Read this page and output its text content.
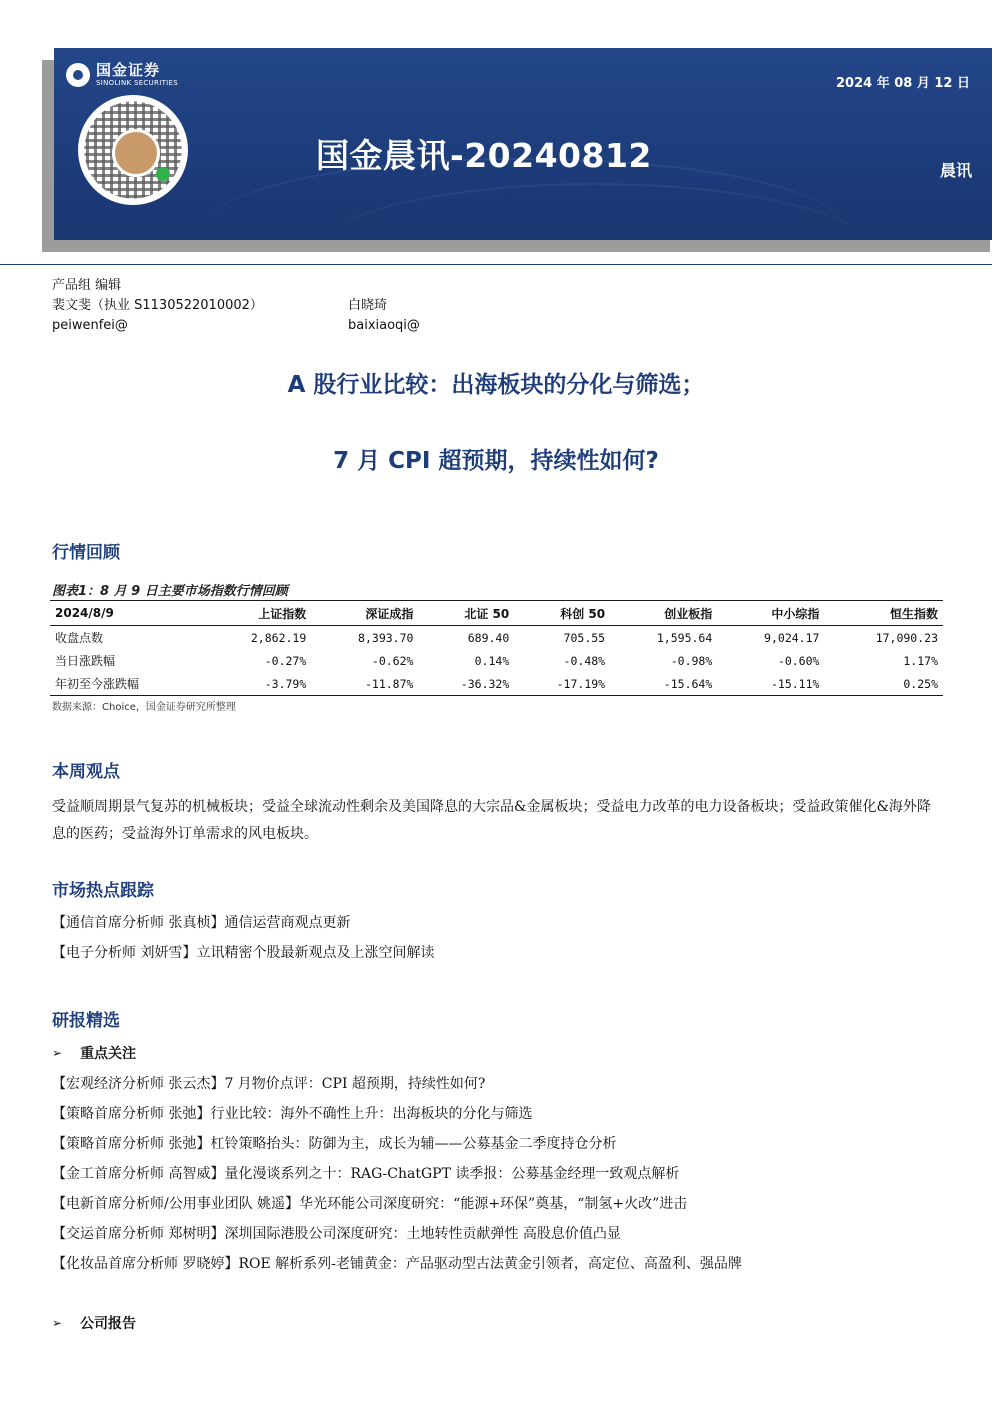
国金证券
SINOLINK SECURITIES	2024 年 08 月 12 日
国金晨讯-20240812	晨讯
产品组 编辑
裴文斐（执业 S1130522010002）
peiwenfei@
白晓琦
baixiaoqi@
A 股行业比较：出海板块的分化与筛选；
7 月 CPI 超预期，持续性如何?
行情回顾
图表1：8 月 9 日主要市场指数行情回顾
2024/8/9	上证指数	深证成指	北证 50	科创 50	创业板指	中小综指	恒生指数
收盘点数	2,862.19	8,393.70	689.40	705.55	1,595.64	9,024.17	17,090.23
当日涨跌幅	-0.27%	-0.62%	0.14%	-0.48%	-0.98%	-0.60%	1.17%
年初至今涨跌幅	-3.79%	-11.87%	-36.32%	-17.19%	-15.64%	-15.11%	0.25%
数据来源：Choice，国金证券研究所整理
本周观点
受益顺周期景气复苏的机械板块；受益全球流动性剩余及美国降息的大宗品&金属板块；受益电力改革的电力设备板块；受益政策催化&海外降息的医药；受益海外订单需求的风电板块。
市场热点跟踪
【通信首席分析师 张真桢】通信运营商观点更新
【电子分析师 刘妍雪】立讯精密个股最新观点及上涨空间解读
研报精选
➢ 重点关注
【宏观经济分析师 张云杰】7 月物价点评：CPI 超预期，持续性如何?
【策略首席分析师 张弛】行业比较：海外不确性上升：出海板块的分化与筛选
【策略首席分析师 张弛】杠铃策略抬头：防御为主，成长为辅——公募基金二季度持仓分析
【金工首席分析师 高智威】量化漫谈系列之十：RAG-ChatGPT 读季报：公募基金经理一致观点解析
【电新首席分析师/公用事业团队 姚遥】华光环能公司深度研究：“能源+环保”奠基，“制氢+火改”进击
【交运首席分析师 郑树明】深圳国际港股公司深度研究：土地转性贡献弹性 高股息价值凸显
【化妆品首席分析师 罗晓婷】ROE 解析系列-老铺黄金：产品驱动型古法黄金引领者，高定位、高盈利、强品牌
➢ 公司报告
